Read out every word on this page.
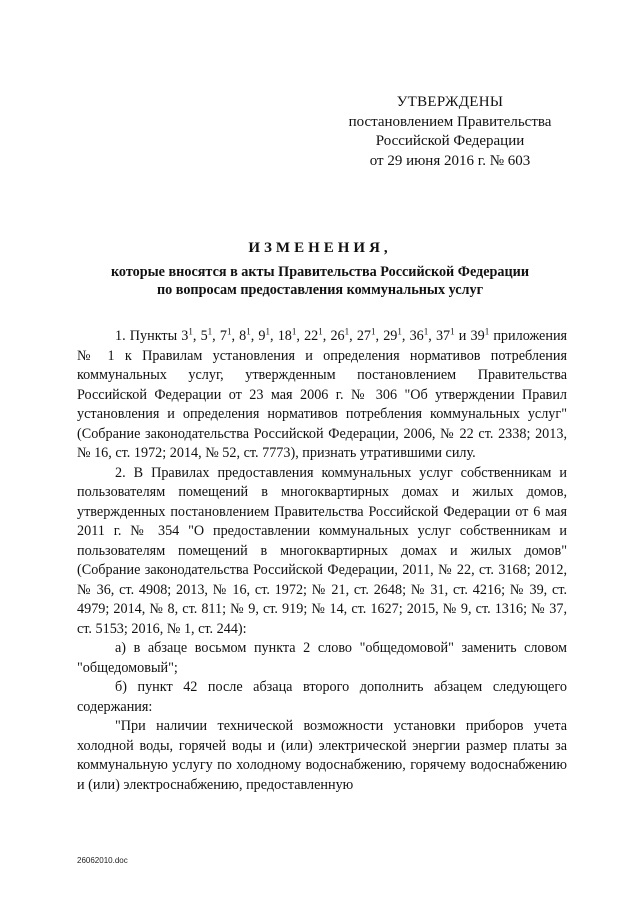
УТВЕРЖДЕНЫ
постановлением Правительства
Российской Федерации
от 29 июня 2016 г. № 603
ИЗМЕНЕНИЯ,
которые вносятся в акты Правительства Российской Федерации
по вопросам предоставления коммунальных услуг

1. Пункты $3^1$, $5^1$, $7^1$, $8^1$, $9^1$, $18^1$, $22^1$, $26^1$, $27^1$, $29^1$, $36^1$, $37^1$ и $39^1$ приложения № 1 к Правилам установления и определения нормативов потребления коммунальных услуг, утвержденным постановлением Правительства Российской Федерации от 23 мая 2006 г. № 306 "Об утверждении Правил установления и определения нормативов потребления коммунальных услуг" (Собрание законодательства Российской Федерации, 2006, № 22 ст. 2338; 2013, № 16, ст. 1972; 2014, № 52, ст. 7773), признать утратившими силу.

2. В Правилах предоставления коммунальных услуг собственникам и пользователям помещений в многоквартирных домах и жилых домов, утвержденных постановлением Правительства Российской Федерации от 6 мая 2011 г. № 354 "О предоставлении коммунальных услуг собственникам и пользователям помещений в многоквартирных домах и жилых домов" (Собрание законодательства Российской Федерации, 2011, № 22, ст. 3168; 2012, № 36, ст. 4908; 2013, № 16, ст. 1972; № 21, ст. 2648; № 31, ст. 4216; № 39, ст. 4979; 2014, № 8, ст. 811; № 9, ст. 919; № 14, ст. 1627; 2015, № 9, ст. 1316; № 37, ст. 5153; 2016, № 1, ст. 244):

а) в абзаце восьмом пункта 2 слово "общедомовой" заменить словом "общедомовый";

б) пункт 42 после абзаца второго дополнить абзацем следующего содержания:

"При наличии технической возможности установки приборов учета холодной воды, горячей воды и (или) электрической энергии размер платы за коммунальную услугу по холодному водоснабжению, горячему водоснабжению и (или) электроснабжению, предоставленную

26062010.doc
